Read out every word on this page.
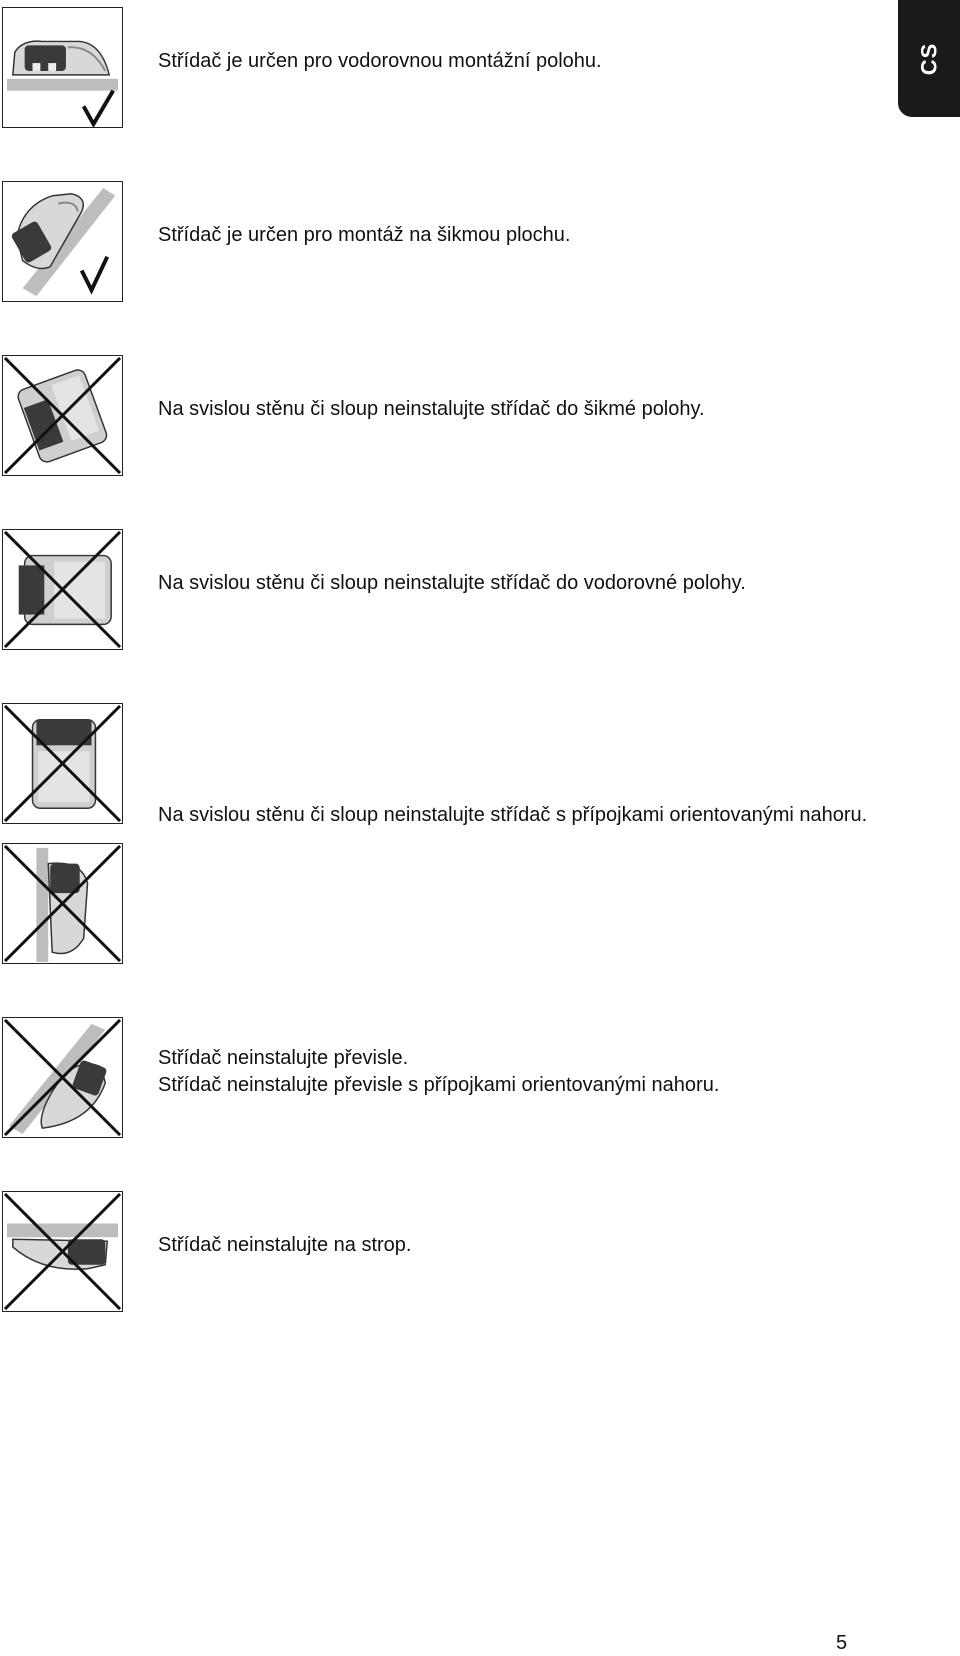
CS

Střídač je určen pro vodorovnou montážní polohu.

Střídač je určen pro montáž na šikmou plochu.

Na svislou stěnu či sloup neinstalujte střídač do šikmé polohy.

Na svislou stěnu či sloup neinstalujte střídač do vodorovné polohy.

Na svislou stěnu či sloup neinstalujte střídač s přípojkami orientovanými nahoru.

Střídač neinstalujte převisle.

Střídač neinstalujte převisle s přípojkami orientovanými nahoru.

Střídač neinstalujte na strop.

5
